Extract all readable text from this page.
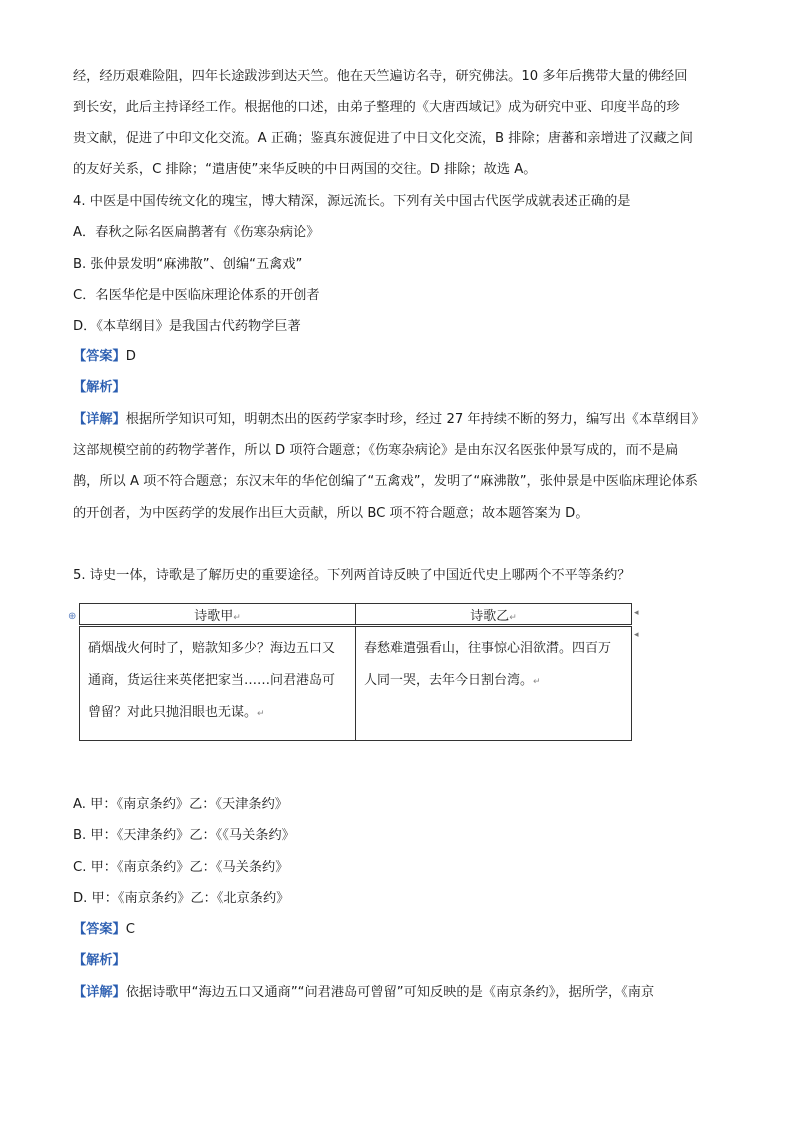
经，经历艰难险阻，四年长途跋涉到达天竺。他在天竺遍访名寺，研究佛法。10 多年后携带大量的佛经回
到长安，此后主持译经工作。根据他的口述，由弟子整理的《大唐西域记》成为研究中亚、印度半岛的珍
贵文献，促进了中印文化交流。A 正确；鉴真东渡促进了中日文化交流，B 排除；唐蕃和亲增进了汉藏之间
的友好关系，C 排除；“遣唐使”来华反映的中日两国的交往。D 排除；故选 A。
4. 中医是中国传统文化的瑰宝，博大精深，源远流长。下列有关中国古代医学成就表述正确的是
A．春秋之际名医扁鹊著有《伤寒杂病论》
B. 张仲景发明“麻沸散”、创编“五禽戏”
C．名医华佗是中医临床理论体系的开创者
D．《本草纲目》是我国古代药物学巨著
【答案】D
【解析】
【详解】根据所学知识可知，明朝杰出的医药学家李时珍，经过 27 年持续不断的努力，编写出《本草纲目》
这部规模空前的药物学著作，所以 D 项符合题意；《伤寒杂病论》是由东汉名医张仲景写成的，而不是扁
鹊，所以 A 项不符合题意；东汉末年的华佗创编了“五禽戏”，发明了“麻沸散”，张仲景是中医临床理论体系
的开创者，为中医药学的发展作出巨大贡献，所以 BC 项不符合题意；故本题答案为 D。
5. 诗史一体，诗歌是了解历史的重要途径。下列两首诗反映了中国近代史上哪两个不平等条约？
⊕	◂
◂
诗歌甲↵	诗歌乙↵

硝烟战火何时了，赔款知多少？海边五口又
通商，货运往来英佬把家当……问君港岛可
曾留？对此只抛泪眼也无谋。↵	春愁难遣强看山，往事惊心泪欲潸。四百万
人同一哭，去年今日割台湾。↵
A. 甲：《南京条约》乙：《天津条约》
B. 甲：《天津条约》乙：《《马关条约》
C. 甲：《南京条约》乙：《马关条约》
D. 甲：《南京条约》乙：《北京条约》
【答案】C
【解析】
【详解】依据诗歌甲“海边五口又通商”“问君港岛可曾留”可知反映的是《南京条约》，据所学，《南京
